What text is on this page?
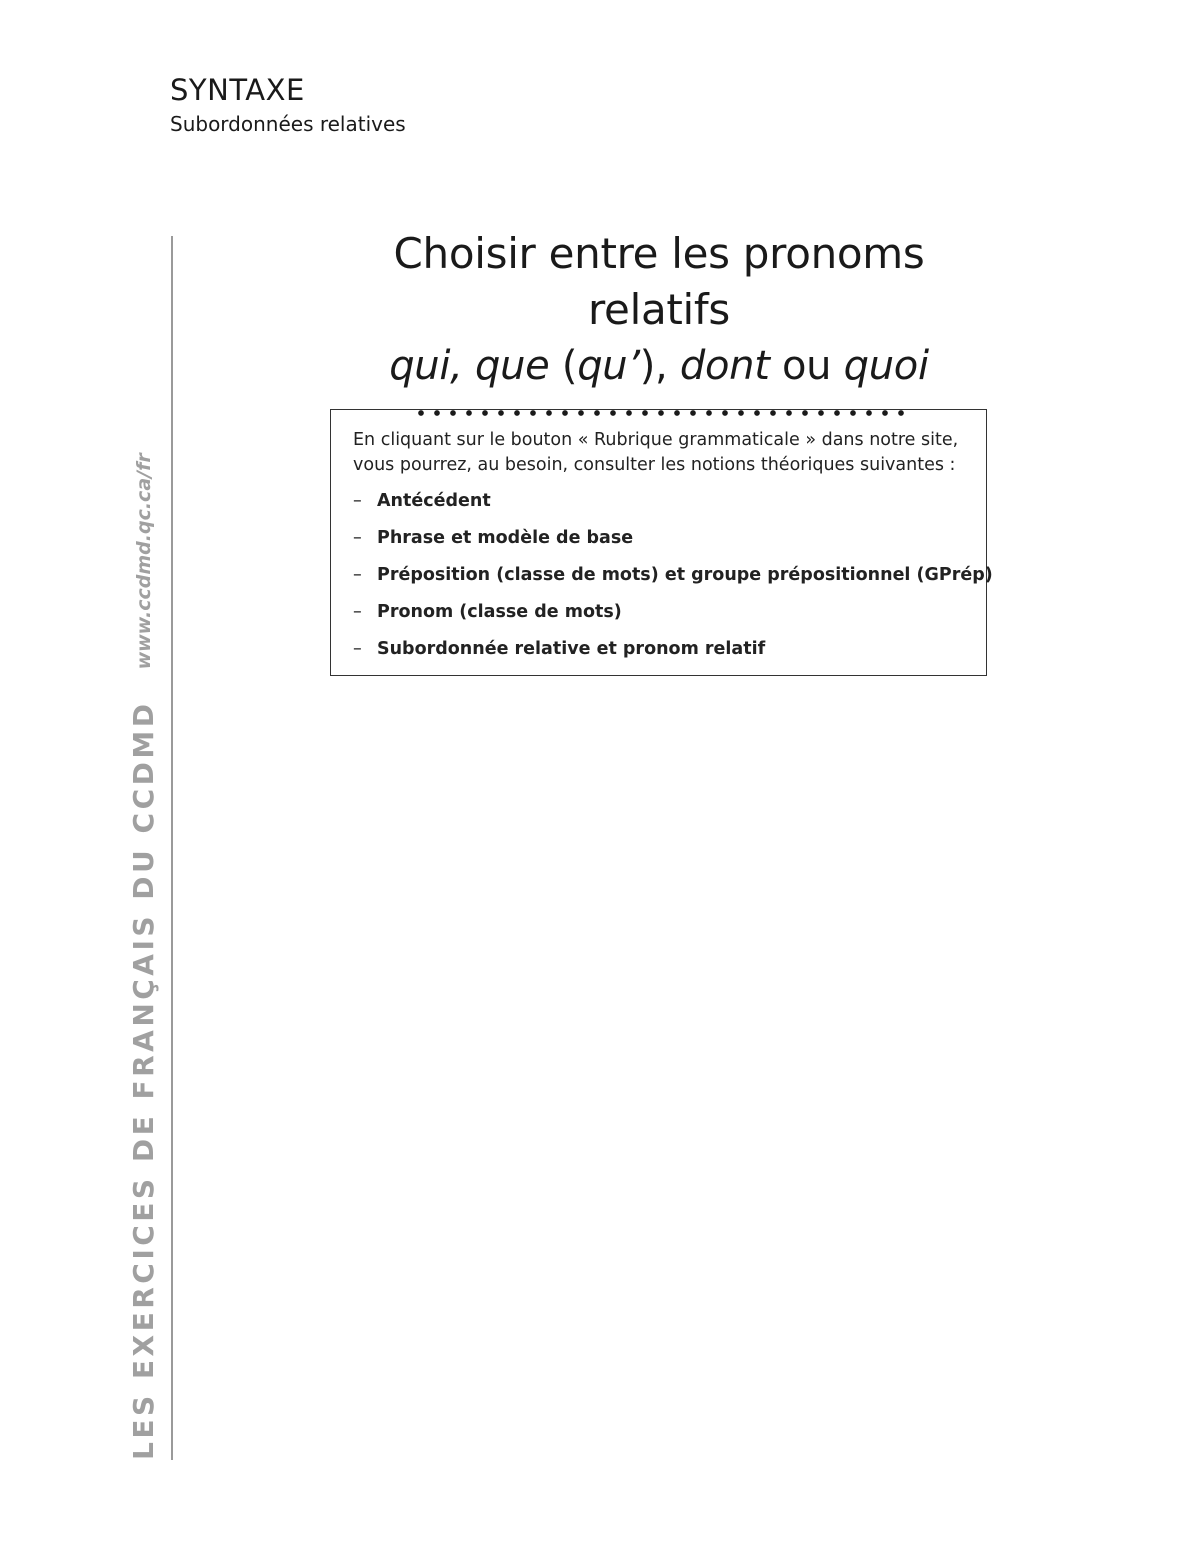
SYNTAXE
Subordonnées relatives
LES EXERCICES DE FRANÇAIS DU CCDMD www.ccdmd.qc.ca/fr
Choisir entre les pronoms relatifs
qui, que (qu’), dont ou quoi

En cliquant sur le bouton « Rubrique grammaticale » dans notre site, vous pourrez, au besoin, consulter les notions théoriques suivantes :

– Antécédent
– Phrase et modèle de base
– Préposition (classe de mots) et groupe prépositionnel (GPrép)
– Pronom (classe de mots)
– Subordonnée relative et pronom relatif
